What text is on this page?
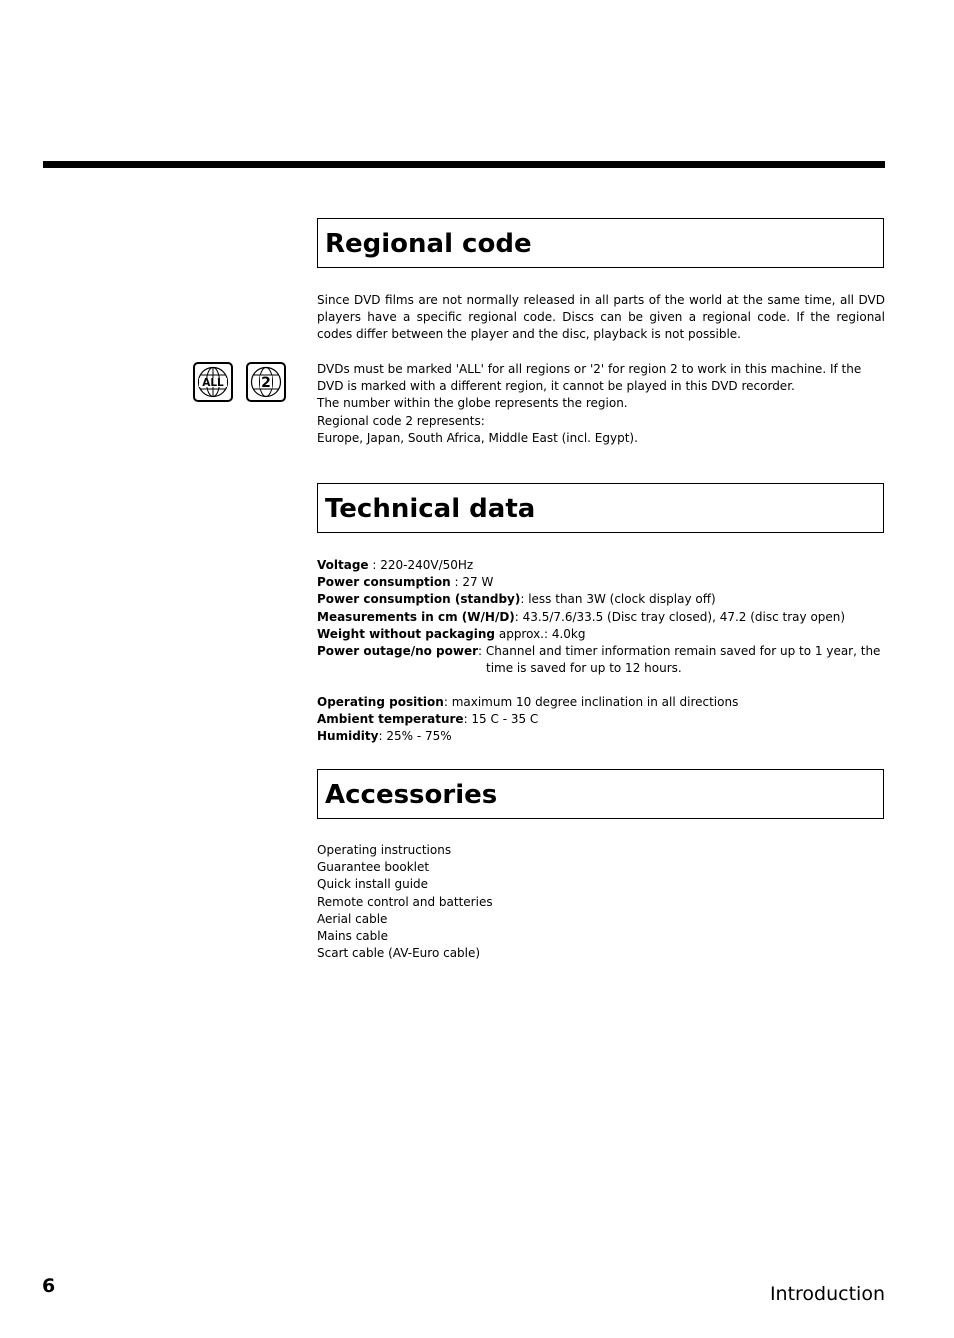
Regional code

Since DVD films are not normally released in all parts of the world at the same time, all DVD players have a specific regional code. Discs can be given a regional code. If the regional codes differ between the player and the disc, playback is not possible.

ALL	2

DVDs must be marked 'ALL' for all regions or '2' for region 2 to work in this machine. If the DVD is marked with a different region, it cannot be played in this DVD recorder.

The number within the globe represents the region.

Regional code 2 represents:

Europe, Japan, South Africa, Middle East (incl. Egypt).

Technical data
Voltage : 220-240V/50Hz
Power consumption : 27 W
Power consumption (standby): less than 3W (clock display off)
Measurements in cm (W/H/D): 43.5/7.6/33.5 (Disc tray closed), 47.2 (disc tray open)
Weight without packaging approx.: 4.0kg
Power outage/no power: Channel and timer information remain saved for up to 1 year, the
time is saved for up to 12 hours.
Operating position: maximum 10 degree inclination in all directions
Ambient temperature: 15 C - 35 C
Humidity: 25% - 75%
Accessories

Operating instructions

Guarantee booklet

Quick install guide

Remote control and batteries

Aerial cable

Mains cable

Scart cable (AV-Euro cable)

6	Introduction
